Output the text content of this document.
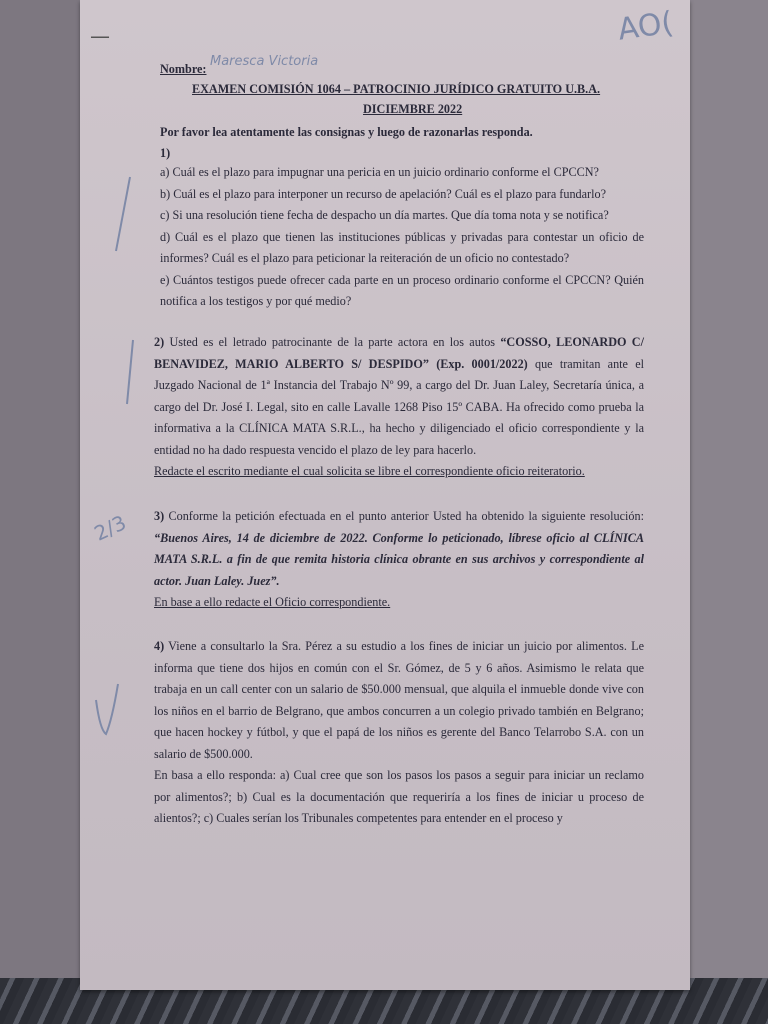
—	AO(
Nombre: Maresca Victoria
EXAMEN COMISIÓN 1064 – PATROCINIO JURÍDICO GRATUITO U.B.A.
DICIEMBRE 2022
Por favor lea atentamente las consignas y luego de razonarlas responda.
1)

a) Cuál es el plazo para impugnar una pericia en un juicio ordinario conforme el CPCCN?

b) Cuál es el plazo para interponer un recurso de apelación? Cuál es el plazo para fundarlo?

c) Si una resolución tiene fecha de despacho un día martes. Que día toma nota y se notifica?

d) Cuál es el plazo que tienen las instituciones públicas y privadas para contestar un oficio de informes? Cuál es el plazo para peticionar la reiteración de un oficio no contestado?

e) Cuántos testigos puede ofrecer cada parte en un proceso ordinario conforme el CPCCN? Quién notifica a los testigos y por qué medio?

2) Usted es el letrado patrocinante de la parte actora en los autos “COSSO, LEONARDO C/ BENAVIDEZ, MARIO ALBERTO S/ DESPIDO” (Exp. 0001/2022) que tramitan ante el Juzgado Nacional de 1ª Instancia del Trabajo Nº 99, a cargo del Dr. Juan Laley, Secretaría única, a cargo del Dr. José I. Legal, sito en calle Lavalle 1268 Piso 15º CABA. Ha ofrecido como prueba la informativa a la CLÍNICA MATA S.R.L., ha hecho y diligenciado el oficio correspondiente y la entidad no ha dado respuesta vencido el plazo de ley para hacerlo.

Redacte el escrito mediante el cual solicita se libre el correspondiente oficio reiteratorio.

3) Conforme la petición efectuada en el punto anterior Usted ha obtenido la siguiente resolución: “Buenos Aires, 14 de diciembre de 2022. Conforme lo peticionado, líbrese oficio al CLÍNICA MATA S.R.L. a fin de que remita historia clínica obrante en sus archivos y correspondiente al actor. Juan Laley. Juez”.

En base a ello redacte el Oficio correspondiente.

2/3

4) Viene a consultarlo la Sra. Pérez a su estudio a los fines de iniciar un juicio por alimentos. Le informa que tiene dos hijos en común con el Sr. Gómez, de 5 y 6 años. Asimismo le relata que trabaja en un call center con un salario de $50.000 mensual, que alquila el inmueble donde vive con los niños en el barrio de Belgrano, que ambos concurren a un colegio privado también en Belgrano; que hacen hockey y fútbol, y que el papá de los niños es gerente del Banco Telarrobo S.A. con un salario de $500.000.

En basa a ello responda: a) Cual cree que son los pasos los pasos a seguir para iniciar un reclamo por alimentos?; b) Cual es la documentación que requeriría a los fines de iniciar u proceso de alientos?; c) Cuales serían los Tribunales competentes para entender en el proceso y
